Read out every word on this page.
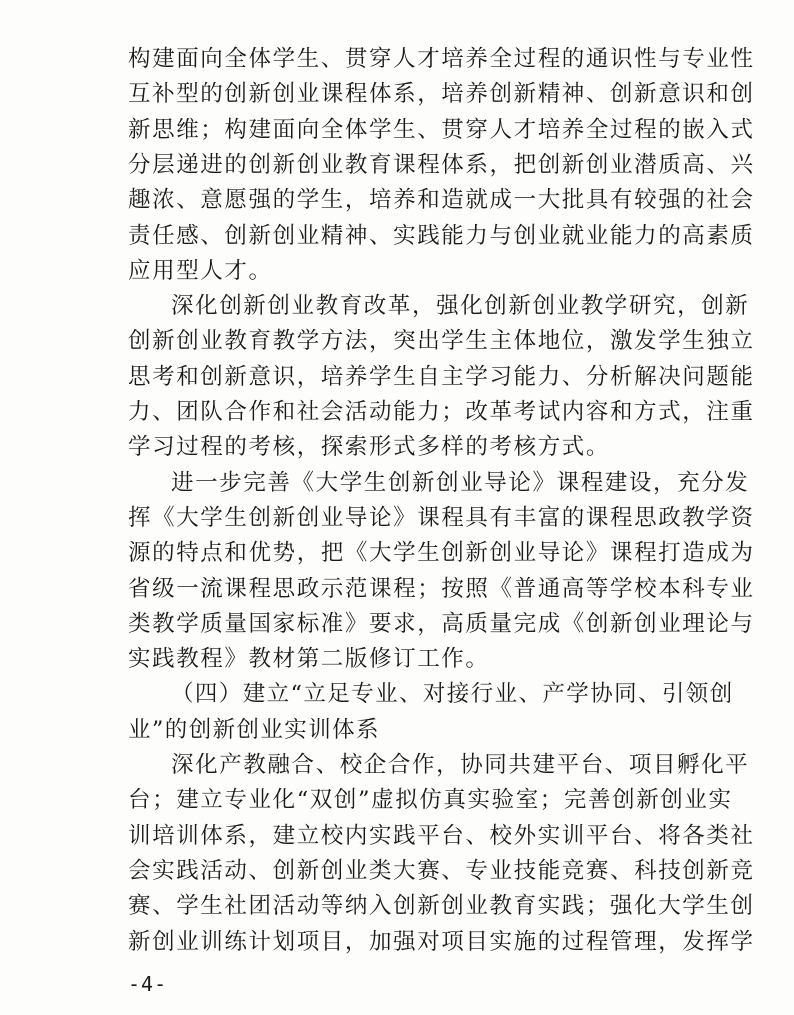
构建面向全体学生、贯穿人才培养全过程的通识性与专业性
互补型的创新创业课程体系，培养创新精神、创新意识和创
新思维；构建面向全体学生、贯穿人才培养全过程的嵌入式
分层递进的创新创业教育课程体系，把创新创业潜质高、兴
趣浓、意愿强的学生，培养和造就成一大批具有较强的社会
责任感、创新创业精神、实践能力与创业就业能力的高素质
应用型人才。
深化创新创业教育改革，强化创新创业教学研究，创新
创新创业教育教学方法，突出学生主体地位，激发学生独立
思考和创新意识，培养学生自主学习能力、分析解决问题能
力、团队合作和社会活动能力；改革考试内容和方式，注重
学习过程的考核，探索形式多样的考核方式。
进一步完善《大学生创新创业导论》课程建设，充分发
挥《大学生创新创业导论》课程具有丰富的课程思政教学资
源的特点和优势，把《大学生创新创业导论》课程打造成为
省级一流课程思政示范课程；按照《普通高等学校本科专业
类教学质量国家标准》要求，高质量完成《创新创业理论与
实践教程》教材第二版修订工作。
（四）建立“立足专业、对接行业、产学协同、引领创
业”的创新创业实训体系
深化产教融合、校企合作，协同共建平台、项目孵化平
台；建立专业化“双创”虚拟仿真实验室；完善创新创业实
训培训体系，建立校内实践平台、校外实训平台、将各类社
会实践活动、创新创业类大赛、专业技能竞赛、科技创新竞
赛、学生社团活动等纳入创新创业教育实践；强化大学生创
新创业训练计划项目，加强对项目实施的过程管理，发挥学
-4-
